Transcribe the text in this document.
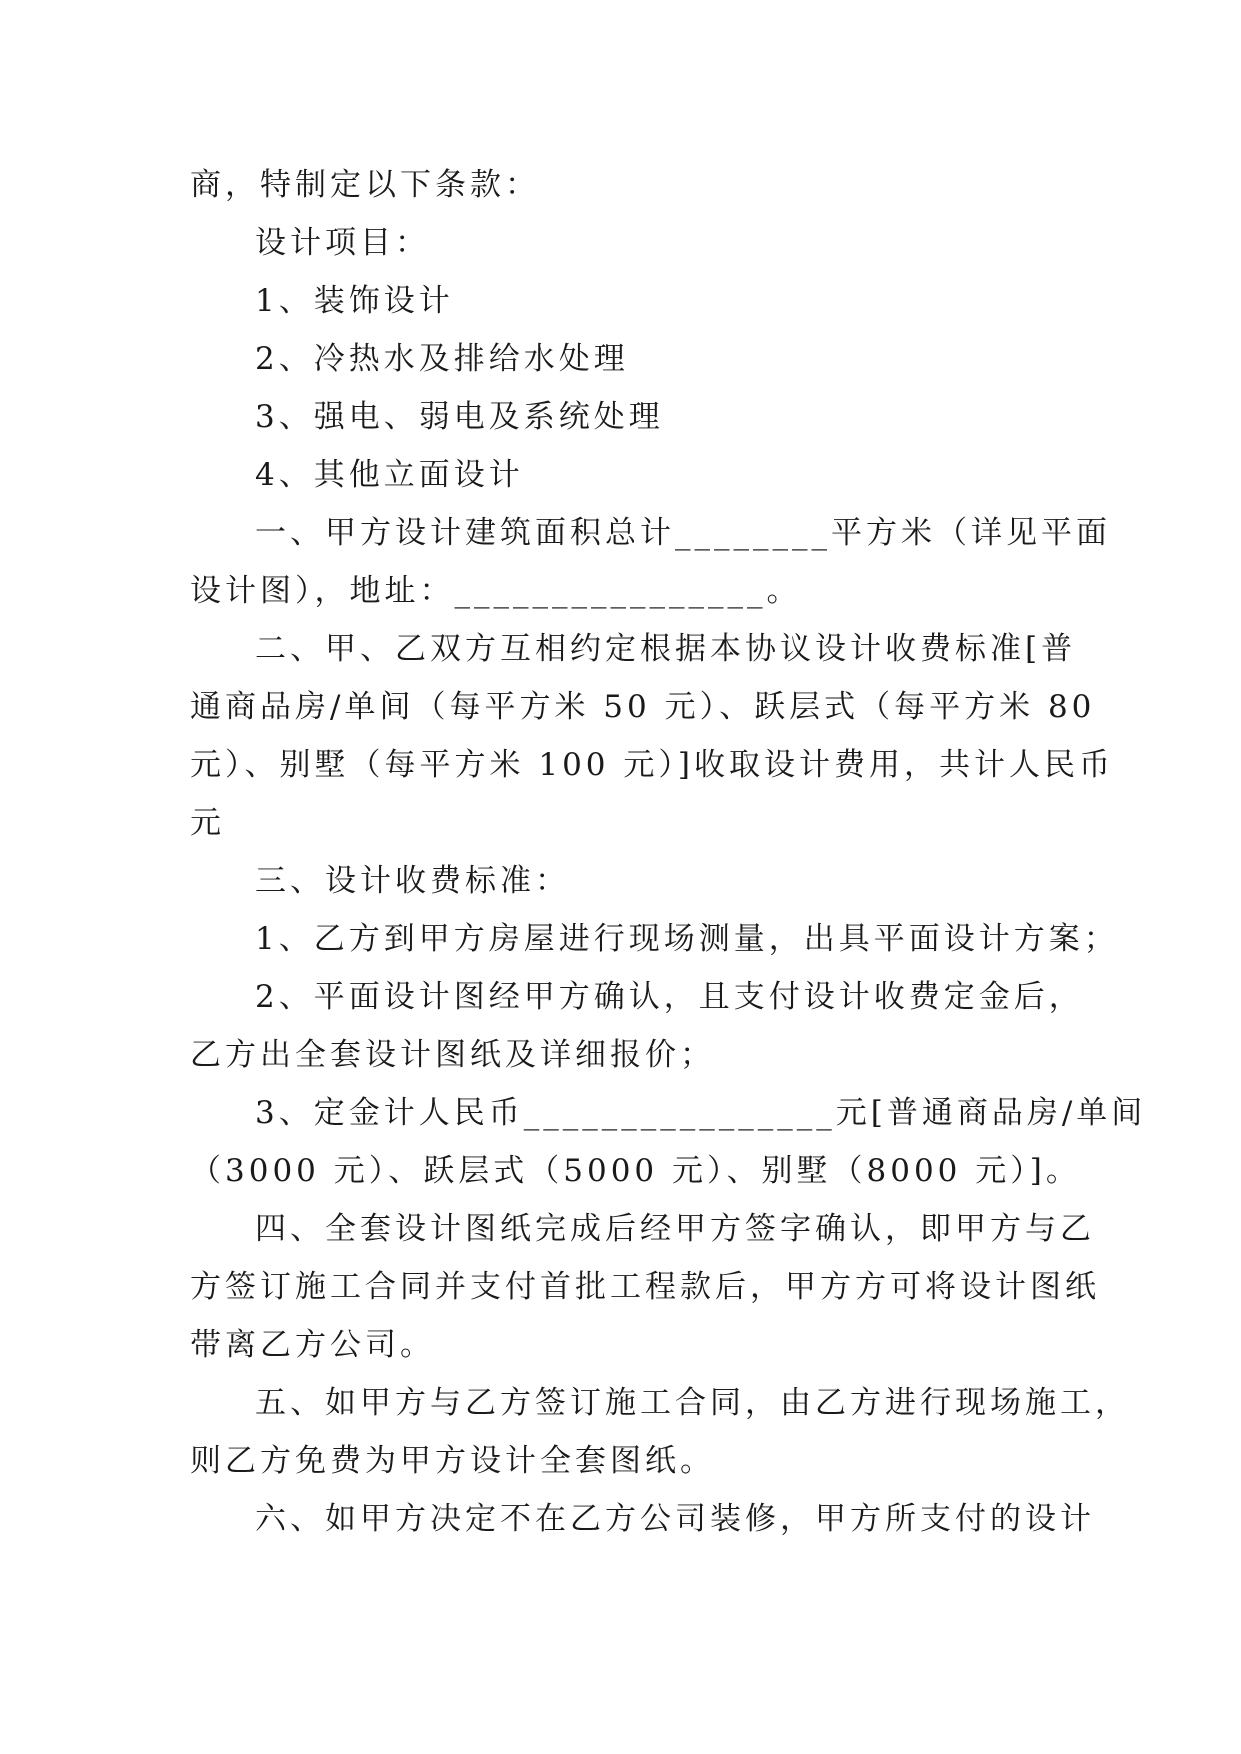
商，特制定以下条款：
设计项目：
1、装饰设计
2、冷热水及排给水处理
3、强电、弱电及系统处理
4、其他立面设计
一、甲方设计建筑面积总计________平方米（详见平面
设计图），地址：________________。
二、甲、乙双方互相约定根据本协议设计收费标准[普
通商品房/单间（每平方米 50 元）、跃层式（每平方米 80
元）、别墅（每平方米 100 元）]收取设计费用，共计人民币
元
三、设计收费标准：
1、乙方到甲方房屋进行现场测量，出具平面设计方案；
2、平面设计图经甲方确认，且支付设计收费定金后，
乙方出全套设计图纸及详细报价；
3、定金计人民币________________元[普通商品房/单间
（3000 元）、跃层式（5000 元）、别墅（8000 元）]。
四、全套设计图纸完成后经甲方签字确认，即甲方与乙
方签订施工合同并支付首批工程款后，甲方方可将设计图纸
带离乙方公司。
五、如甲方与乙方签订施工合同，由乙方进行现场施工，
则乙方免费为甲方设计全套图纸。
六、如甲方决定不在乙方公司装修，甲方所支付的设计
